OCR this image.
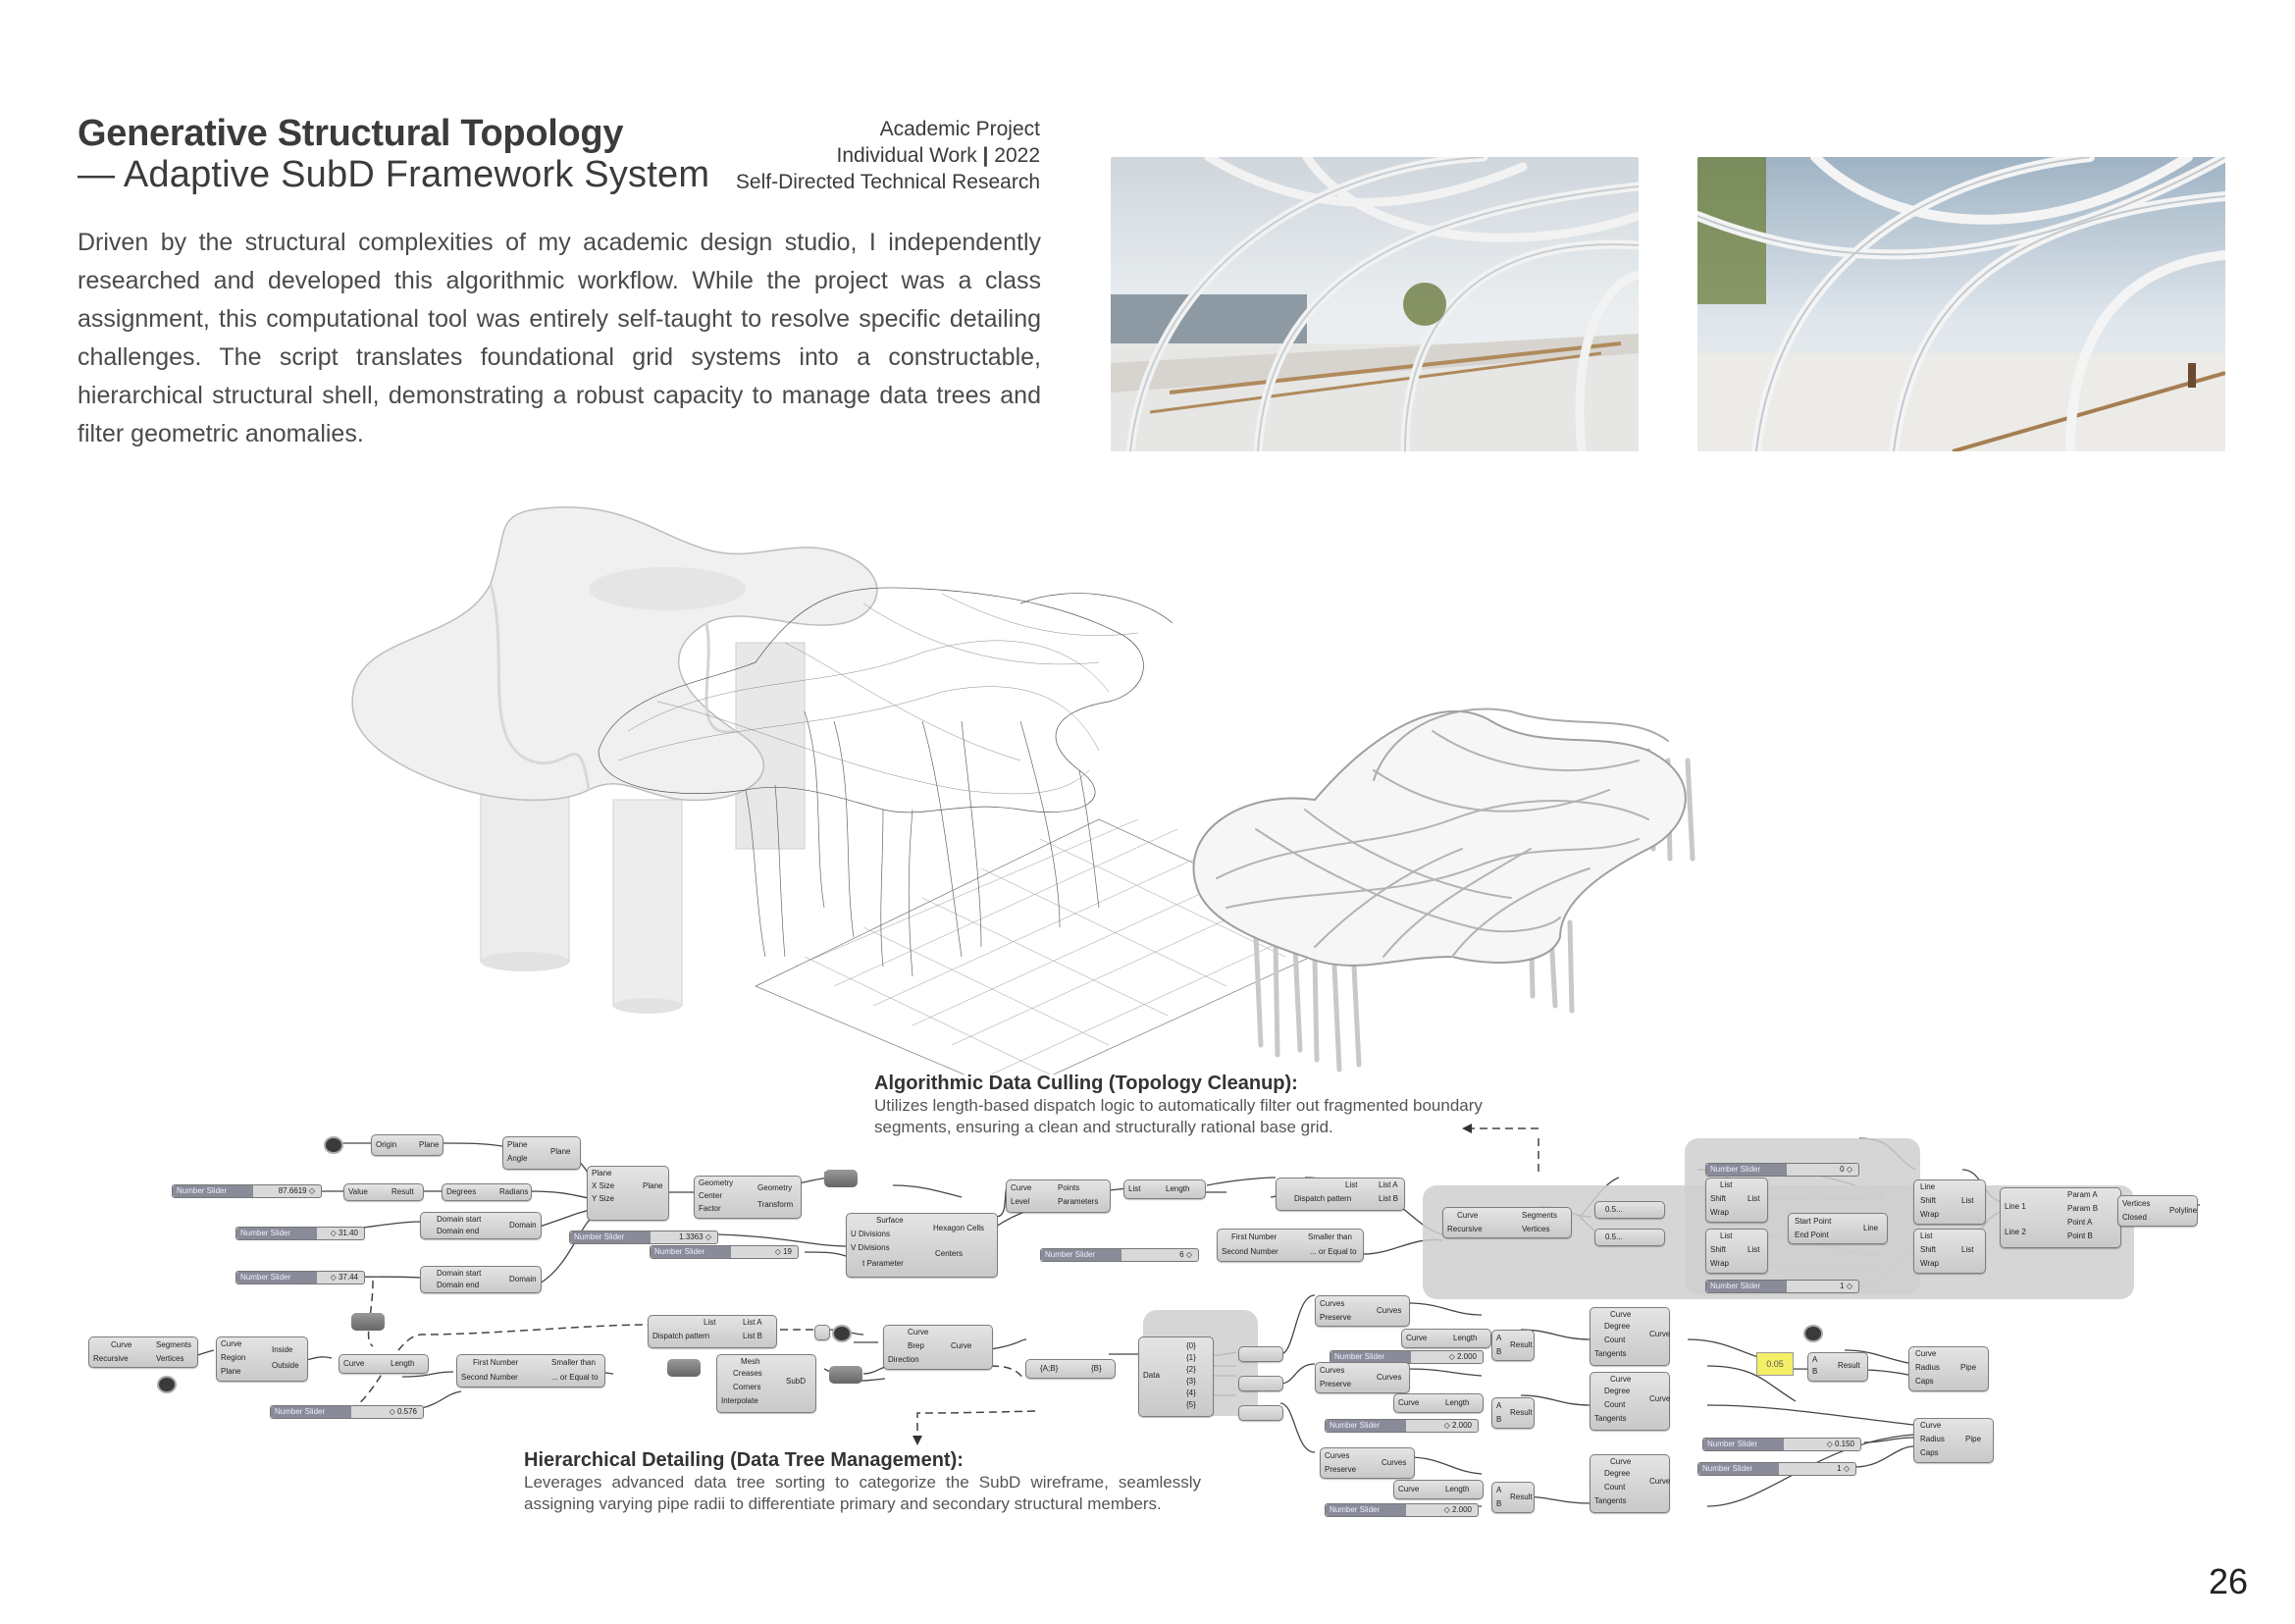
Generative Structural Topology
— Adaptive SubD Framework System
Academic Project
Individual Work | 2022
Self-Directed Technical Research
Driven by the structural complexities of my academic design studio, I independently researched and developed this algorithmic workflow. While the project was a class assignment, this computational tool was entirely self-taught to resolve specific detailing challenges. The script translates foundational grid systems into a constructable, hierarchical structural shell, demonstrating a robust capacity to manage data trees and filter geometric anomalies.
Algorithmic Data Culling (Topology Cleanup):
Utilizes length-based dispatch logic to automatically filter out fragmented boundary segments, ensuring a clean and structurally rational base grid.
Hierarchical Detailing (Data Tree Management):
Leverages advanced data tree sorting to categorize the SubD wireframe, seamlessly assigning varying pipe radii to differentiate primary and secondary structural members.
Origin	Plane	Plane
Angle
Plane
Number Slider	87.6619 ◇	Value	Result	Degrees	Radians
Plane
X Size
Y Size
Plane	Geometry
Center
Factor
Geometry
Transform
Number Slider	◇ 31.40
Domain start
Domain end
Domain
Number Slider	1.3363 ◇
Number Slider	◇ 19
Surface
U Divisions
V Divisions
t Parameter
Hexagon Cells
Centers
Number Slider	◇ 37.44	Domain start
Domain end
Domain
Curve
Level
Points
Parameters
List	Length	List
Dispatch pattern
List A
List B
First Number
Second Number
Smaller than
... or Equal to
Number Slider	6 ◇
Curve
Recursive
Segments
Vertices
0.5...
0.5...
Number Slider	0 ◇
List
Shift
Wrap
List
List
Shift
Wrap
List
Number Slider	1 ◇
Start Point
End Point
Line
Line
Shift
Wrap
List
List
Shift
Wrap
List
Line 1
Line 2
Param A
Param B
Point A
Point B
Vertices
Closed
Polyline
Curve
Recursive
Segments
Vertices
Curve
Region
Plane
Inside
Outside	Curve	Length	First Number
Second Number
Smaller than
... or Equal to
Number Slider	◇ 0.576
List
Dispatch pattern
List A
List B	Curve
Brep
Direction
Curve
Mesh
Creases
Corners
Interpolate
SubD
{A;B}	{B}
Data
{0}
{1}
{2}
{3}
{4}
{5}
Curves
Preserve
Curves
Curve	Length
Number Slider	◇ 2.000
A
B
Result
Curve
Degree
Count
Tangents
Curve
Curves
Preserve
Curves
Curve	Length
Number Slider	◇ 2.000
A
B
Result
Curve
Degree
Count
Tangents
Curve
Curves
Preserve
Curves
Curve	Length
Number Slider	◇ 2.000
A
B
Result
Curve
Degree
Count
Tangents
Curve
0.05	A
B
Result
Curve
Radius
Caps
Pipe
Curve
Radius
Caps
Pipe
Number Slider	◇ 0.150
Number Slider	1 ◇
26
